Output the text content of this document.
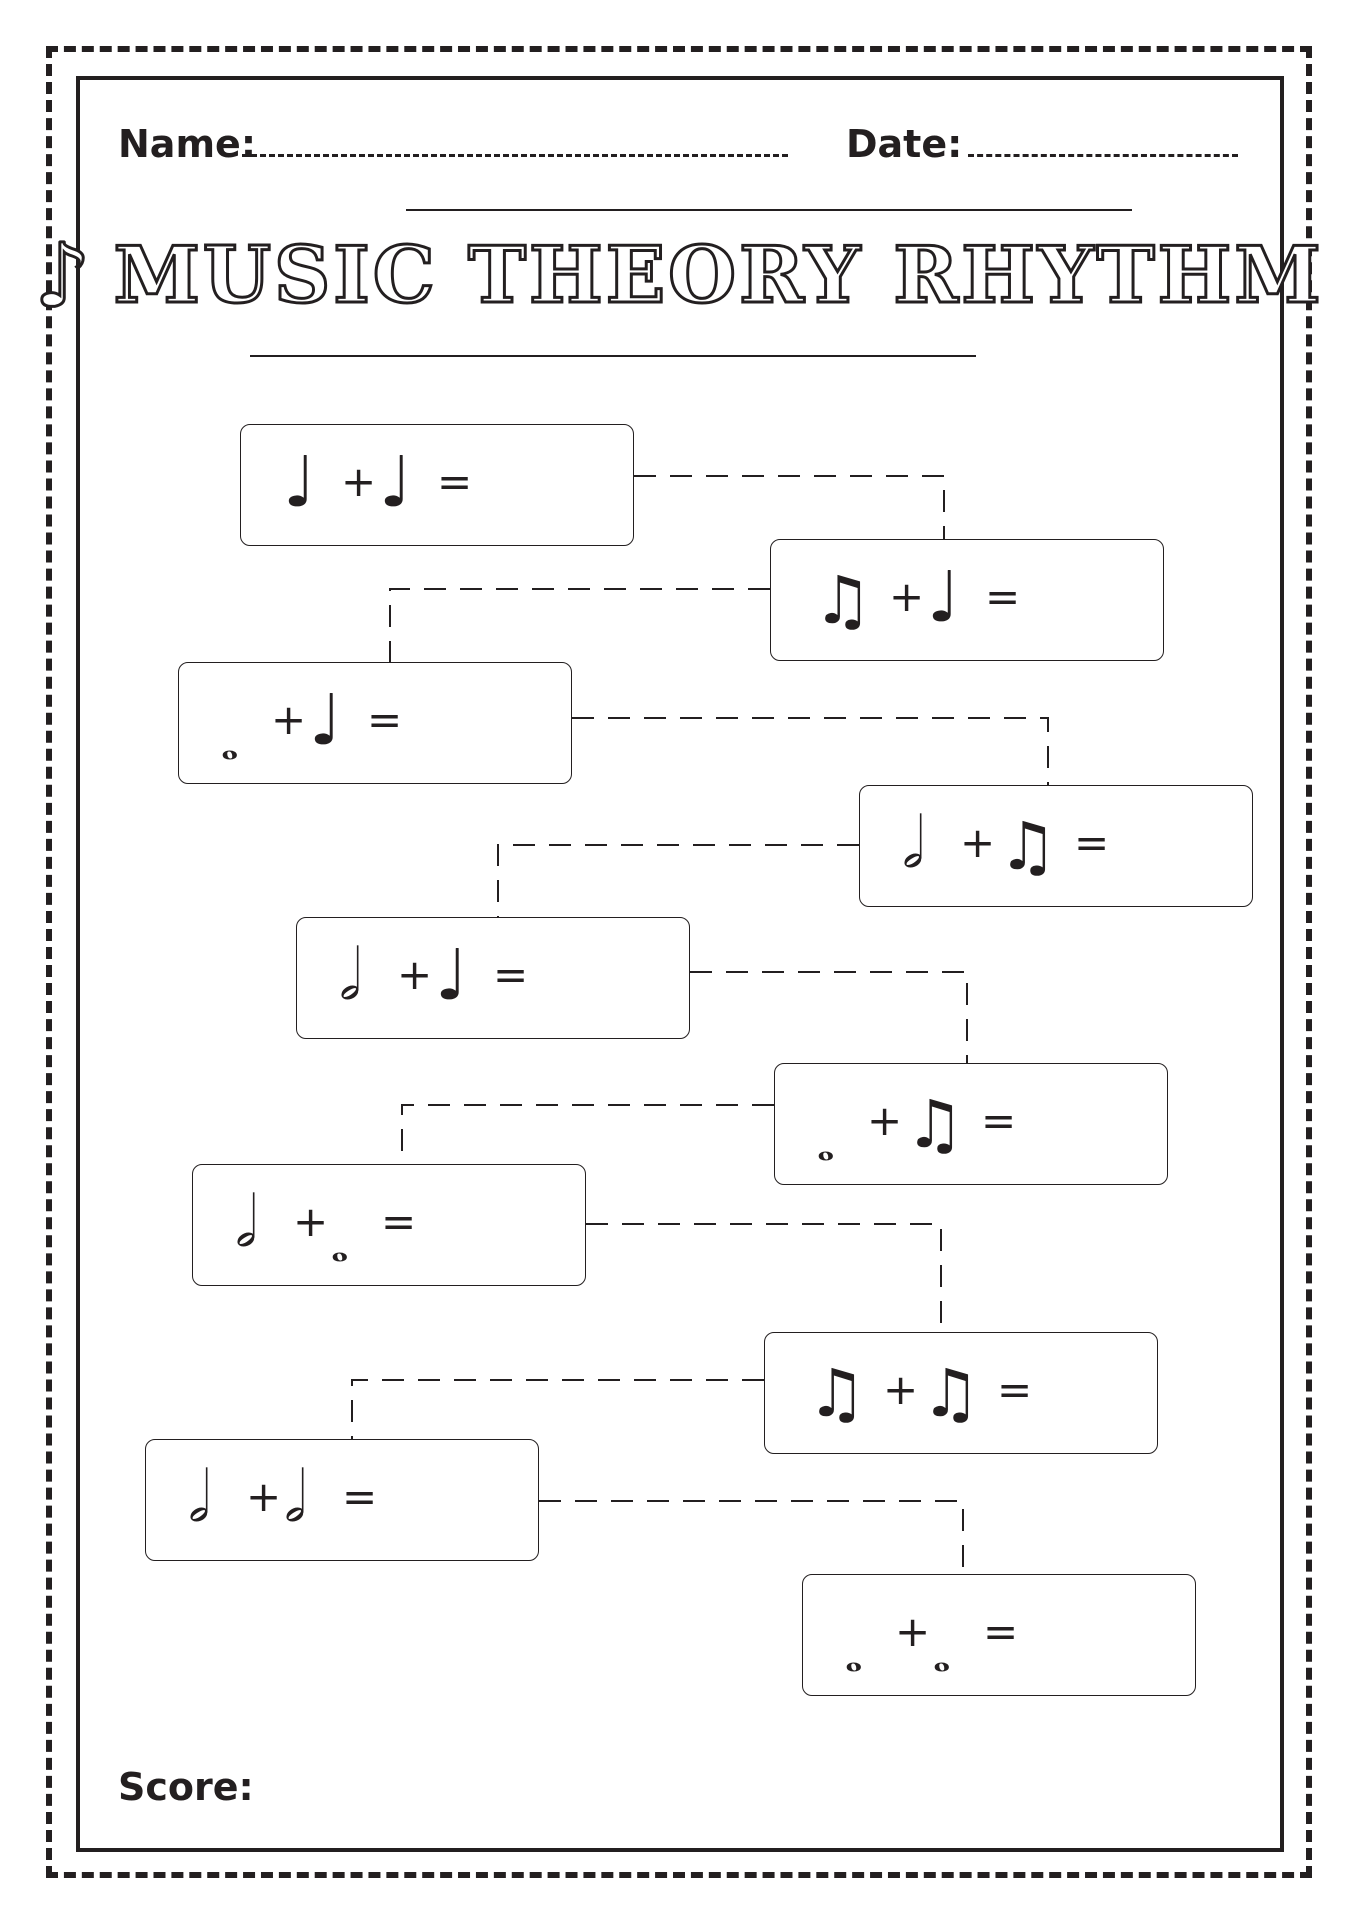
Name:	Date:
♪ MUSIC THEORY RHYTHM
♩ + ♩ =
♫ + ♩ =
𝅝 + ♩ =
𝅗𝅥 + ♫ =
𝅗𝅥 + ♩ =
𝅝 + ♫ =
𝅗𝅥 + 𝅝 =
♫ + ♫ =
𝅗𝅥 + 𝅗𝅥 =
𝅝 + 𝅝 =
Score:
